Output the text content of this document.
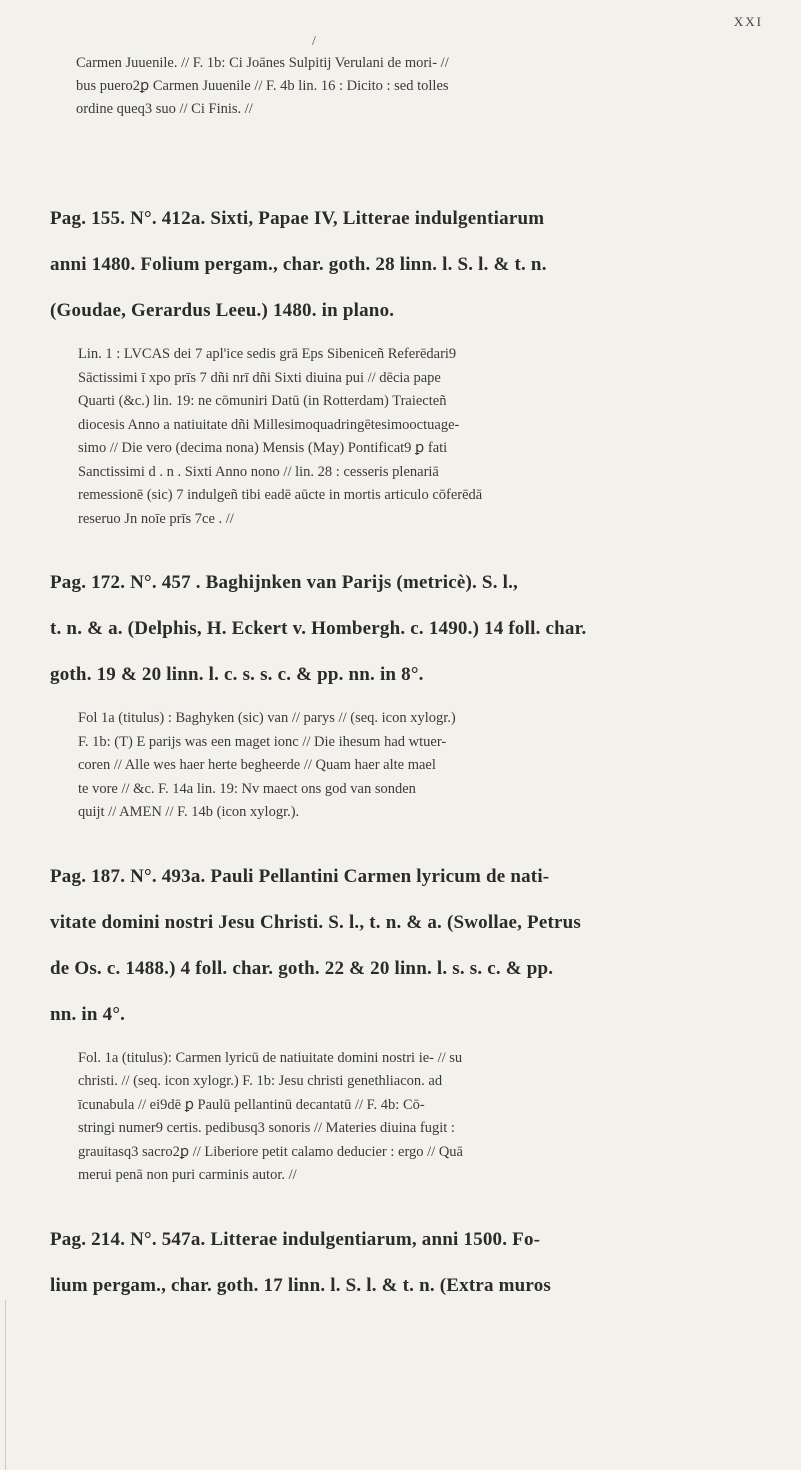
XXI
/

Carmen Juuenile. // F. 1b: Ci Joānes Sulpitij Verulani de mori- //

bus puero2ꝑ Carmen Juuenile // F. 4b lin. 16 : Dicito : sed tolles

ordine queq3 suo // Ci Finis. //

Pag. 155. N°. 412a. Sixti, Papae IV, Litterae indulgentiarum

anni 1480. Folium pergam., char. goth. 28 linn. l. S. l. & t. n.

(Goudae, Gerardus Leeu.) 1480. in plano.

Lin. 1 : LVCAS dei 7 apl'ice sedis grā Eps Sibeniceñ Referēdari9

Sāctissimi ī xpo prīs 7 dñi nrī dñi Sixti diuina pui // dēcia pape

Quarti (&c.) lin. 19: ne cōmuniri Datū (in Rotterdam) Traiecteñ

diocesis Anno a natiuitate dñi Millesimoquadringētesimooctuage-

simo // Die vero (decima nona) Mensis (May) Pontificat9 ꝑ fati

Sanctissimi d . n . Sixti Anno nono // lin. 28 : cesseris plenariā

remessionē (sic) 7 indulgeñ tibi eadē aūcte in mortis articulo cōferēdā

reseruo Jn noīe prīs 7ce . //

Pag. 172. N°. 457 . Baghijnken van Parijs (metricè). S. l.,

t. n. & a. (Delphis, H. Eckert v. Hombergh. c. 1490.) 14 foll. char.

goth. 19 & 20 linn. l. c. s. s. c. & pp. nn. in 8°.

Fol 1a (titulus) : Baghyken (sic) van // parys // (seq. icon xylogr.)

F. 1b: (T) E parijs was een maget ionc // Die ihesum had wtuer-

coren // Alle wes haer herte begheerde // Quam haer alte mael

te vore // &c. F. 14a lin. 19: Nv maect ons god van sonden

quijt // AMEN // F. 14b (icon xylogr.).

Pag. 187. N°. 493a. Pauli Pellantini Carmen lyricum de nati-

vitate domini nostri Jesu Christi. S. l., t. n. & a. (Swollae, Petrus

de Os. c. 1488.) 4 foll. char. goth. 22 & 20 linn. l. s. s. c. & pp.

nn. in 4°.

Fol. 1a (titulus): Carmen lyricū de natiuitate domini nostri ie- // su

christi. // (seq. icon xylogr.) F. 1b: Jesu christi genethliacon. ad

īcunabula // ei9dē ꝑ Paulū pellantinū decantatū // F. 4b: Cō-

stringi numer9 certis. pedibusq3 sonoris // Materies diuina fugit :

grauitasq3 sacro2ꝑ // Liberiore petit calamo deducier : ergo // Quā

merui penā non puri carminis autor. //

Pag. 214. N°. 547a. Litterae indulgentiarum, anni 1500. Fo-

lium pergam., char. goth. 17 linn. l. S. l. & t. n. (Extra muros
